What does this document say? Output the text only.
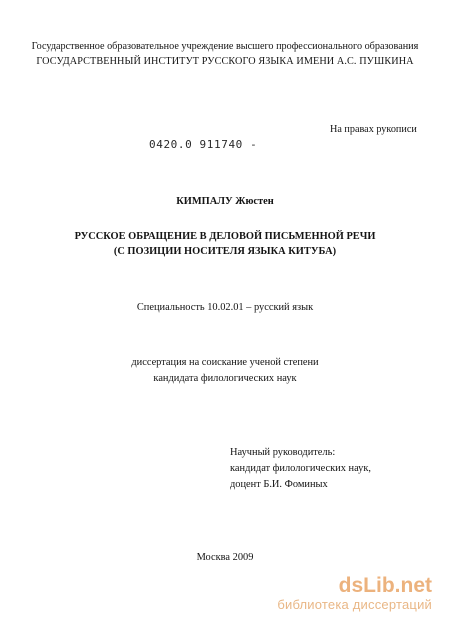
Государственное образовательное учреждение высшего профессионального образования
ГОСУДАРСТВЕННЫЙ ИНСТИТУТ РУССКОГО ЯЗЫКА ИМЕНИ А.С. ПУШКИНА
На правах рукописи
0420.0 911740 -
КИМПАЛУ Жюстен
РУССКОЕ ОБРАЩЕНИЕ В ДЕЛОВОЙ ПИСЬМЕННОЙ РЕЧИ
(С ПОЗИЦИИ НОСИТЕЛЯ ЯЗЫКА КИТУБА)
Специальность 10.02.01 – русский язык
диссертация на соискание ученой степени
кандидата филологических наук
Научный руководитель:
кандидат филологических наук,
доцент Б.И. Фоминых
Москва 2009
dsLib.net
библиотека диссертаций
